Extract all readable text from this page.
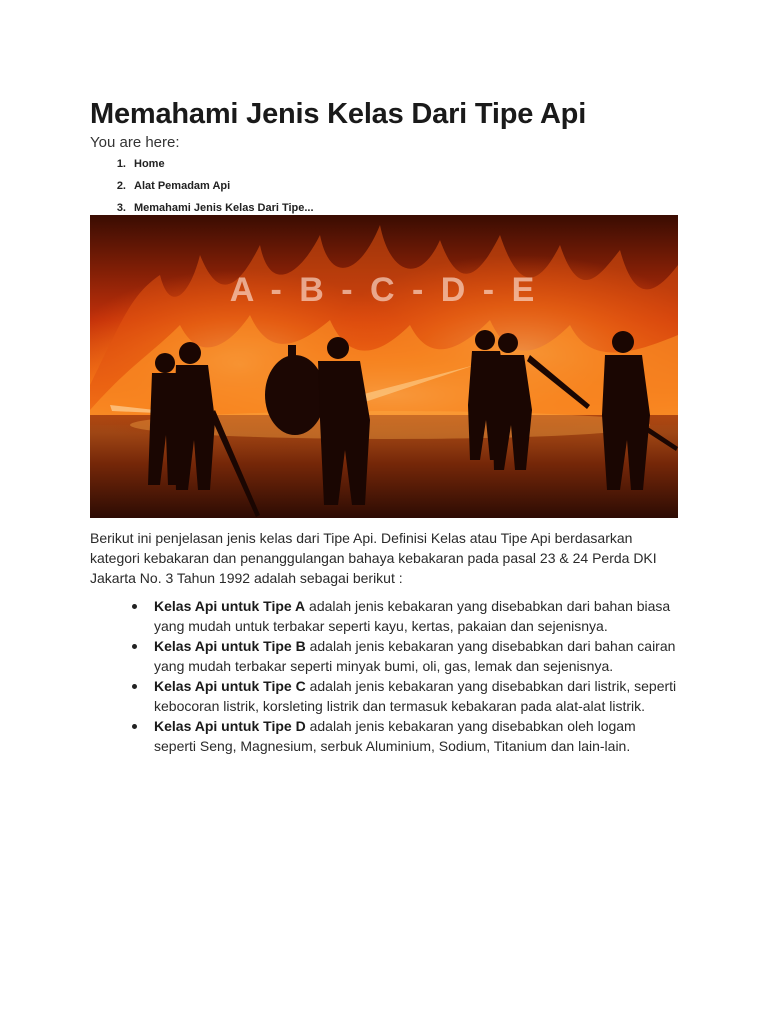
Memahami Jenis Kelas Dari Tipe Api
You are here:
1. Home
2. Alat Pemadam Api
3. Memahami Jenis Kelas Dari Tipe...
A - B - C - D - E

Berikut ini penjelasan jenis kelas dari Tipe Api. Definisi Kelas atau Tipe Api berdasarkan kategori kebakaran dan penanggulangan bahaya kebakaran pada pasal 23 & 24 Perda DKI Jakarta No. 3 Tahun 1992 adalah sebagai berikut :

Kelas Api untuk Tipe A adalah jenis kebakaran yang disebabkan dari bahan biasa yang mudah untuk terbakar seperti kayu, kertas, pakaian dan sejenisnya.
Kelas Api untuk Tipe B adalah jenis kebakaran yang disebabkan dari bahan cairan yang mudah terbakar seperti minyak bumi, oli, gas, lemak dan sejenisnya.
Kelas Api untuk Tipe C adalah jenis kebakaran yang disebabkan dari listrik, seperti kebocoran listrik, korsleting listrik dan termasuk kebakaran pada alat-alat listrik.
Kelas Api untuk Tipe D adalah jenis kebakaran yang disebabkan oleh logam seperti Seng, Magnesium, serbuk Aluminium, Sodium, Titanium dan lain-lain.
